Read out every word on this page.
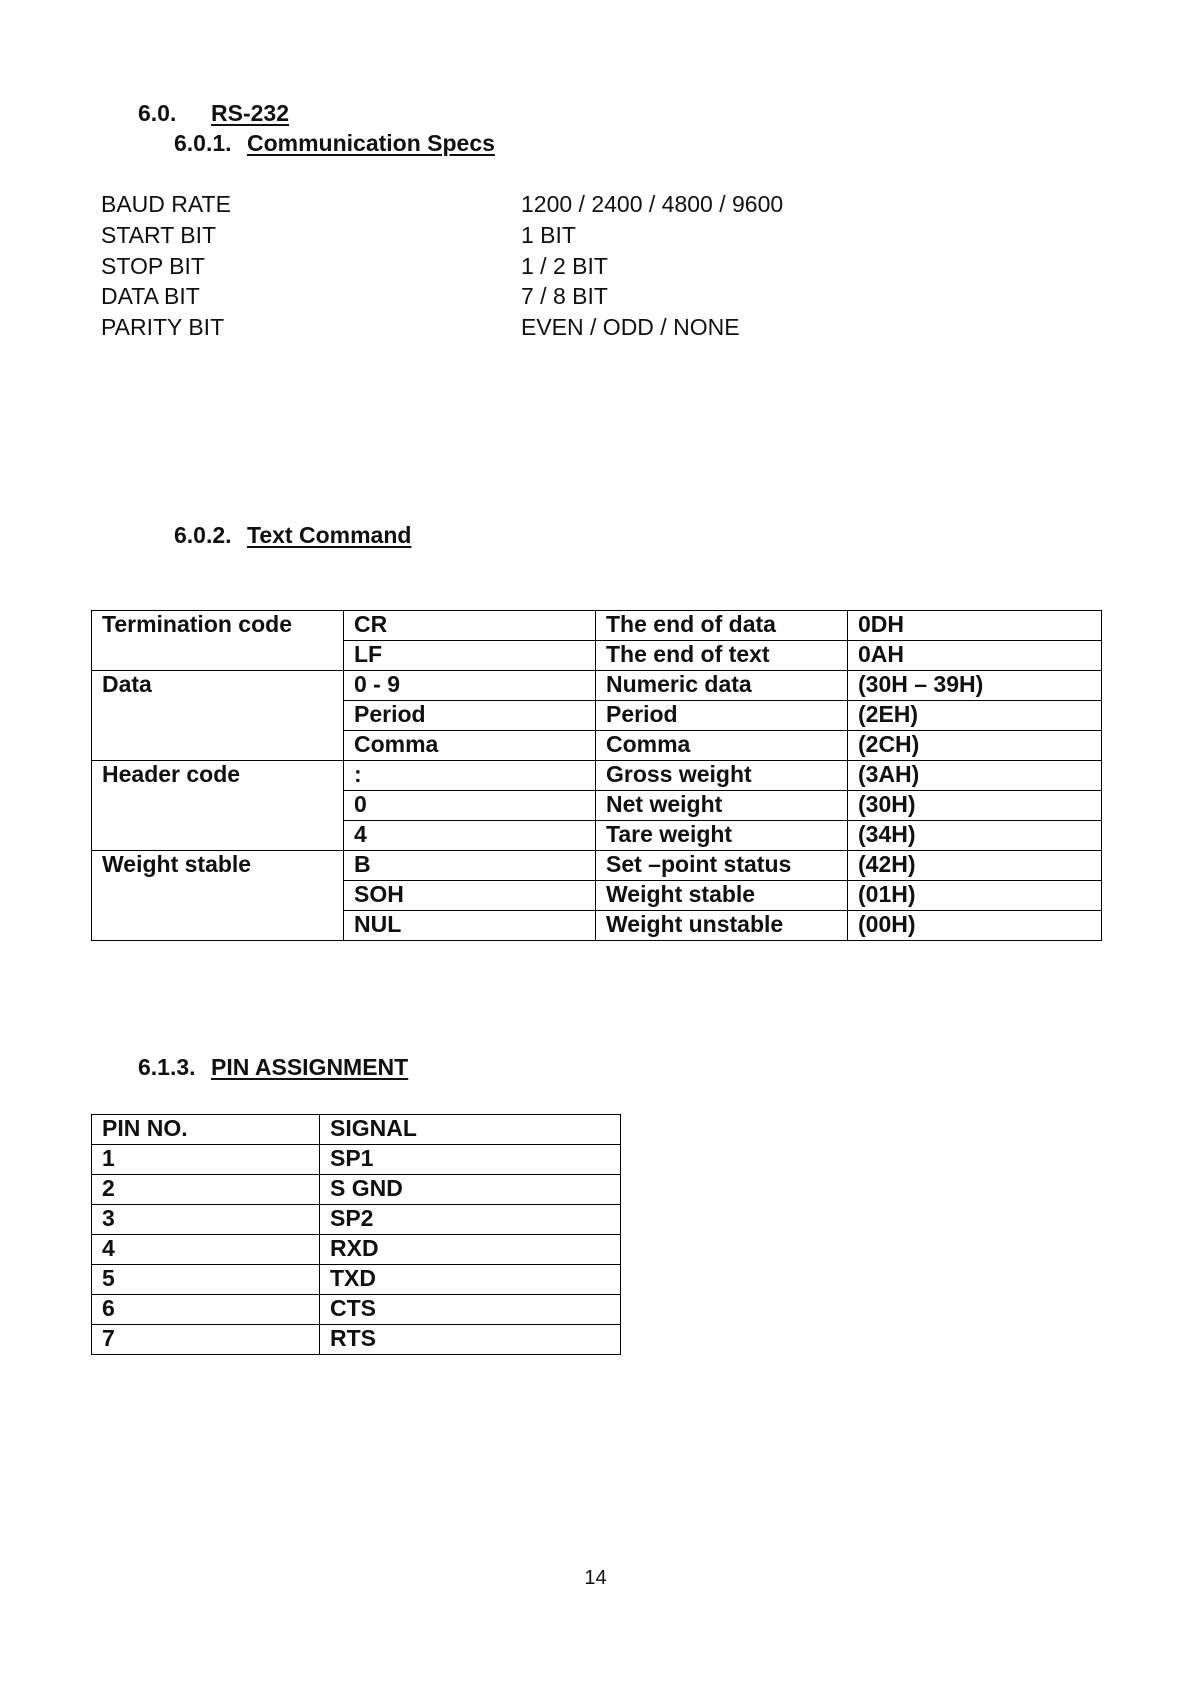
6.0. RS-232
6.0.1. Communication Specs
BAUD RATE	1200 / 2400 / 4800 / 9600
START BIT	1 BIT
STOP BIT	1 / 2 BIT
DATA BIT	7 / 8 BIT
PARITY BIT	EVEN / ODD / NONE
6.0.2. Text Command
Termination code	CR	The end of data	0DH
	LF	The end of text	0AH
Data	0 - 9	Numeric data	(30H – 39H)
	Period	Period	(2EH)
	Comma	Comma	(2CH)
Header code	:	Gross weight	(3AH)
	0	Net weight	(30H)
	4	Tare weight	(34H)
Weight stable	B	Set –point status	(42H)
	SOH	Weight stable	(01H)
	NUL	Weight unstable	(00H)
6.1.3. PIN ASSIGNMENT
PIN NO.	SIGNAL
1	SP1
2	S GND
3	SP2
4	RXD
5	TXD
6	CTS
7	RTS
14
